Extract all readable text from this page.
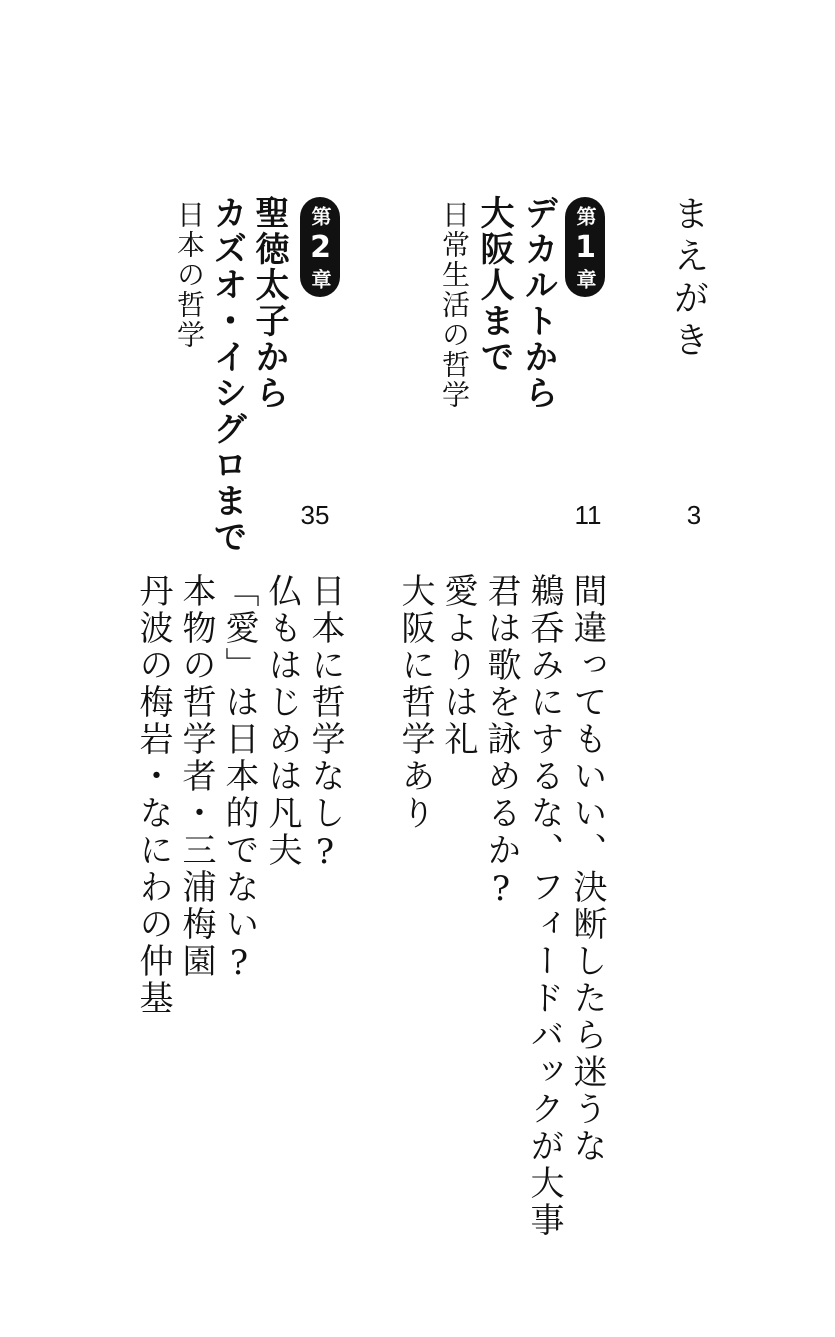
まえがき
3
第
1
章
デカルトから
大阪人まで
日常生活の哲学
11
第
2
章
聖徳太子から
カズオ・イシグロまで
日本の哲学
35
間違ってもいい、決断したら迷うな
鵜呑みにするな、フィードバックが大事
君は歌を詠めるか?
愛よりは礼
大阪に哲学あり
日本に哲学なし?
仏もはじめは凡夫
「愛」は日本的でない?
本物の哲学者・三浦梅園
丹波の梅岩・なにわの仲基
